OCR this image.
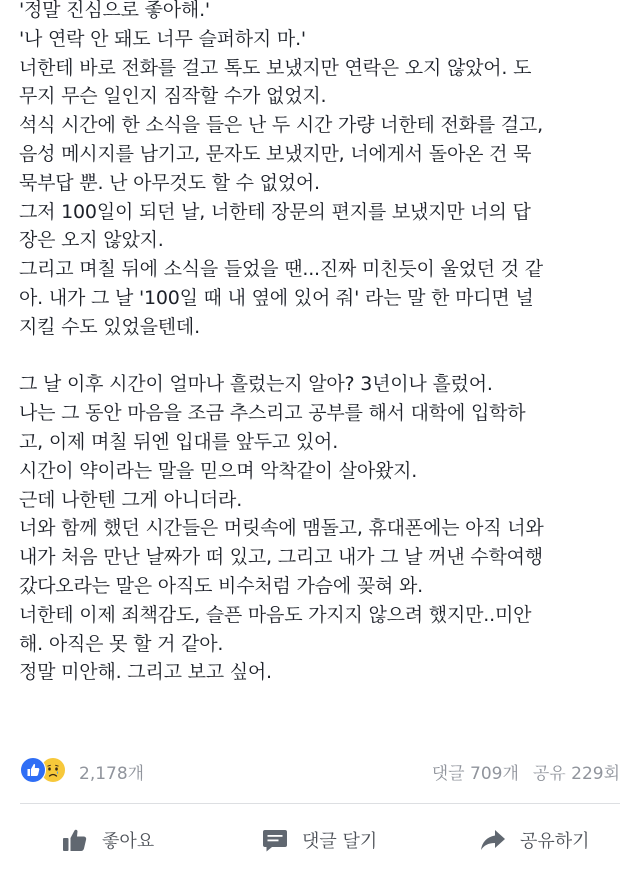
'정말 진심으로 좋아해.'
'나 연락 안 돼도 너무 슬퍼하지 마.'
너한테 바로 전화를 걸고 톡도 보냈지만 연락은 오지 않았어. 도
무지 무슨 일인지 짐작할 수가 없었지.
석식 시간에 한 소식을 들은 난 두 시간 가량 너한테 전화를 걸고,
음성 메시지를 남기고, 문자도 보냈지만, 너에게서 돌아온 건 묵
묵부답 뿐. 난 아무것도 할 수 없었어.
그저 100일이 되던 날, 너한테 장문의 편지를 보냈지만 너의 답
장은 오지 않았지.
그리고 며칠 뒤에 소식을 들었을 땐...진짜 미친듯이 울었던 것 같
아. 내가 그 날 '100일 때 내 옆에 있어 줘' 라는 말 한 마디면 널
지킬 수도 있었을텐데.
그 날 이후 시간이 얼마나 흘렀는지 알아? 3년이나 흘렀어.
나는 그 동안 마음을 조금 추스리고 공부를 해서 대학에 입학하
고, 이제 며칠 뒤엔 입대를 앞두고 있어.
시간이 약이라는 말을 믿으며 악착같이 살아왔지.
근데 나한텐 그게 아니더라.
너와 함께 했던 시간들은 머릿속에 맴돌고, 휴대폰에는 아직 너와
내가 처음 만난 날짜가 떠 있고, 그리고 내가 그 날 꺼낸 수학여행
갔다오라는 말은 아직도 비수처럼 가슴에 꽂혀 와.
너한테 이제 죄책감도, 슬픈 마음도 가지지 않으려 했지만..미안
해. 아직은 못 할 거 같아.
정말 미안해. 그리고 보고 싶어.
2,178개	댓글 709개 공유 229회
좋아요	댓글 달기	공유하기
